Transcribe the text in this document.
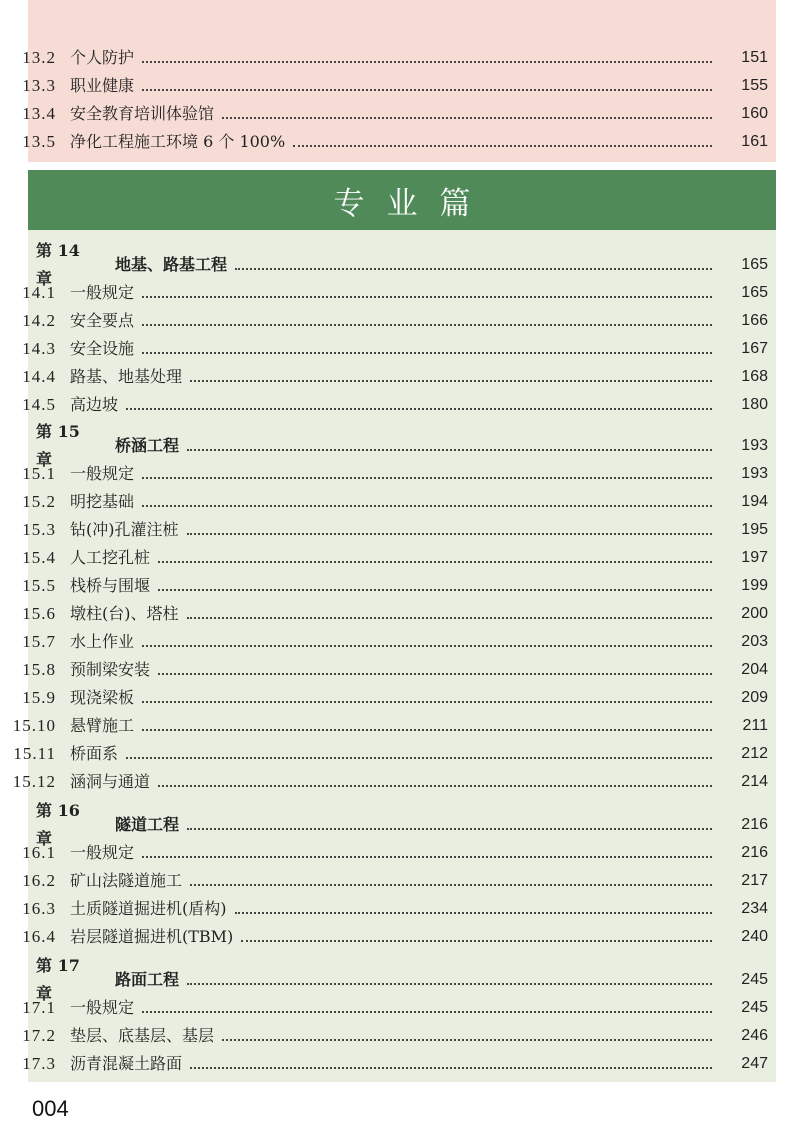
专业篇
13.2 个人防护	151
13.3 职业健康	155
13.4 安全教育培训体验馆	160
13.5 净化工程施工环境 6 个 100%	161
第 14 章
地基、路基工程	165
14.1 一般规定	165
14.2 安全要点	166
14.3 安全设施	167
14.4 路基、地基处理	168
14.5 高边坡	180
第 15 章
桥涵工程	193
15.1 一般规定	193
15.2 明挖基础	194
15.3 钻(冲)孔灌注桩	195
15.4 人工挖孔桩	197
15.5 栈桥与围堰	199
15.6 墩柱(台)、塔柱	200
15.7 水上作业	203
15.8 预制梁安装	204
15.9 现浇梁板	209
15.10 悬臂施工	211
15.11 桥面系	212
15.12 涵洞与通道	214
第 16 章
隧道工程	216
16.1 一般规定	216
16.2 矿山法隧道施工	217
16.3 土质隧道掘进机(盾构)	234
16.4 岩层隧道掘进机(TBM)	240
第 17 章
路面工程	245
17.1 一般规定	245
17.2 垫层、底基层、基层	246
17.3 沥青混凝土路面	247
004
